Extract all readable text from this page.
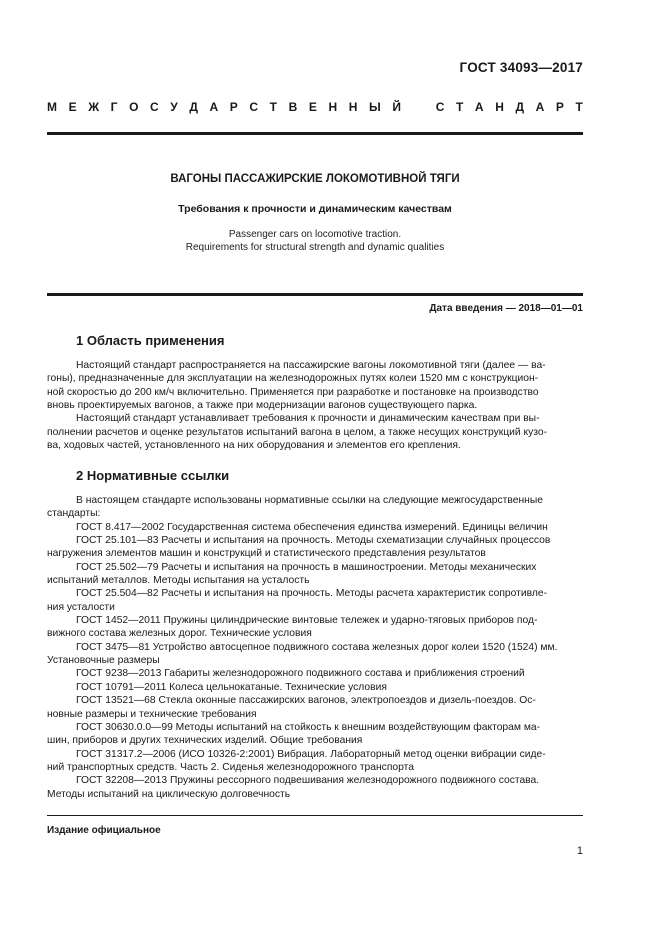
ГОСТ 34093—2017
М Е Ж Г О С У Д А Р С Т В Е Н Н Ы Й	С Т А Н Д А Р Т
ВАГОНЫ ПАССАЖИРСКИЕ ЛОКОМОТИВНОЙ ТЯГИ
Требования к прочности и динамическим качествам
Passenger cars on locomotive traction.
Requirements for structural strength and dynamic qualities
Дата введения — 2018—01—01
1 Область применения
Настоящий стандарт распространяется на пассажирские вагоны локомотивной тяги (далее — ва-
гоны), предназначенные для эксплуатации на железнодорожных путях колеи 1520 мм с конструкцион-
ной скоростью до 200 км/ч включительно. Применяется при разработке и постановке на производство
вновь проектируемых вагонов, а также при модернизации вагонов существующего парка.
Настоящий стандарт устанавливает требования к прочности и динамическим качествам при вы-
полнении расчетов и оценке результатов испытаний вагона в целом, а также несущих конструкций кузо-
ва, ходовых частей, установленного на них оборудования и элементов его крепления.
2 Нормативные ссылки
В настоящем стандарте использованы нормативные ссылки на следующие межгосударственные
стандарты:
ГОСТ 8.417—2002 Государственная система обеспечения единства измерений. Единицы величин
ГОСТ 25.101—83 Расчеты и испытания на прочность. Методы схематизации случайных процессов
нагружения элементов машин и конструкций и статистического представления результатов
ГОСТ 25.502—79 Расчеты и испытания на прочность в машиностроении. Методы механических
испытаний металлов. Методы испытания на усталость
ГОСТ 25.504—82 Расчеты и испытания на прочность. Методы расчета характеристик сопротивле-
ния усталости
ГОСТ 1452—2011 Пружины цилиндрические винтовые тележек и ударно-тяговых приборов под-
вижного состава железных дорог. Технические условия
ГОСТ 3475—81 Устройство автосцепное подвижного состава железных дорог колеи 1520 (1524) мм.
Установочные размеры
ГОСТ 9238—2013 Габариты железнодорожного подвижного состава и приближения строений
ГОСТ 10791—2011 Колеса цельнокатаные. Технические условия
ГОСТ 13521—68 Стекла оконные пассажирских вагонов, электропоездов и дизель-поездов. Ос-
новные размеры и технические требования
ГОСТ 30630.0.0—99 Методы испытаний на стойкость к внешним воздействующим факторам ма-
шин, приборов и других технических изделий. Общие требования
ГОСТ 31317.2—2006 (ИСО 10326-2:2001) Вибрация. Лабораторный метод оценки вибрации сиде-
ний транспортных средств. Часть 2. Сиденья железнодорожного транспорта
ГОСТ 32208—2013 Пружины рессорного подвешивания железнодорожного подвижного состава.
Методы испытаний на циклическую долговечность
Издание официальное
1
